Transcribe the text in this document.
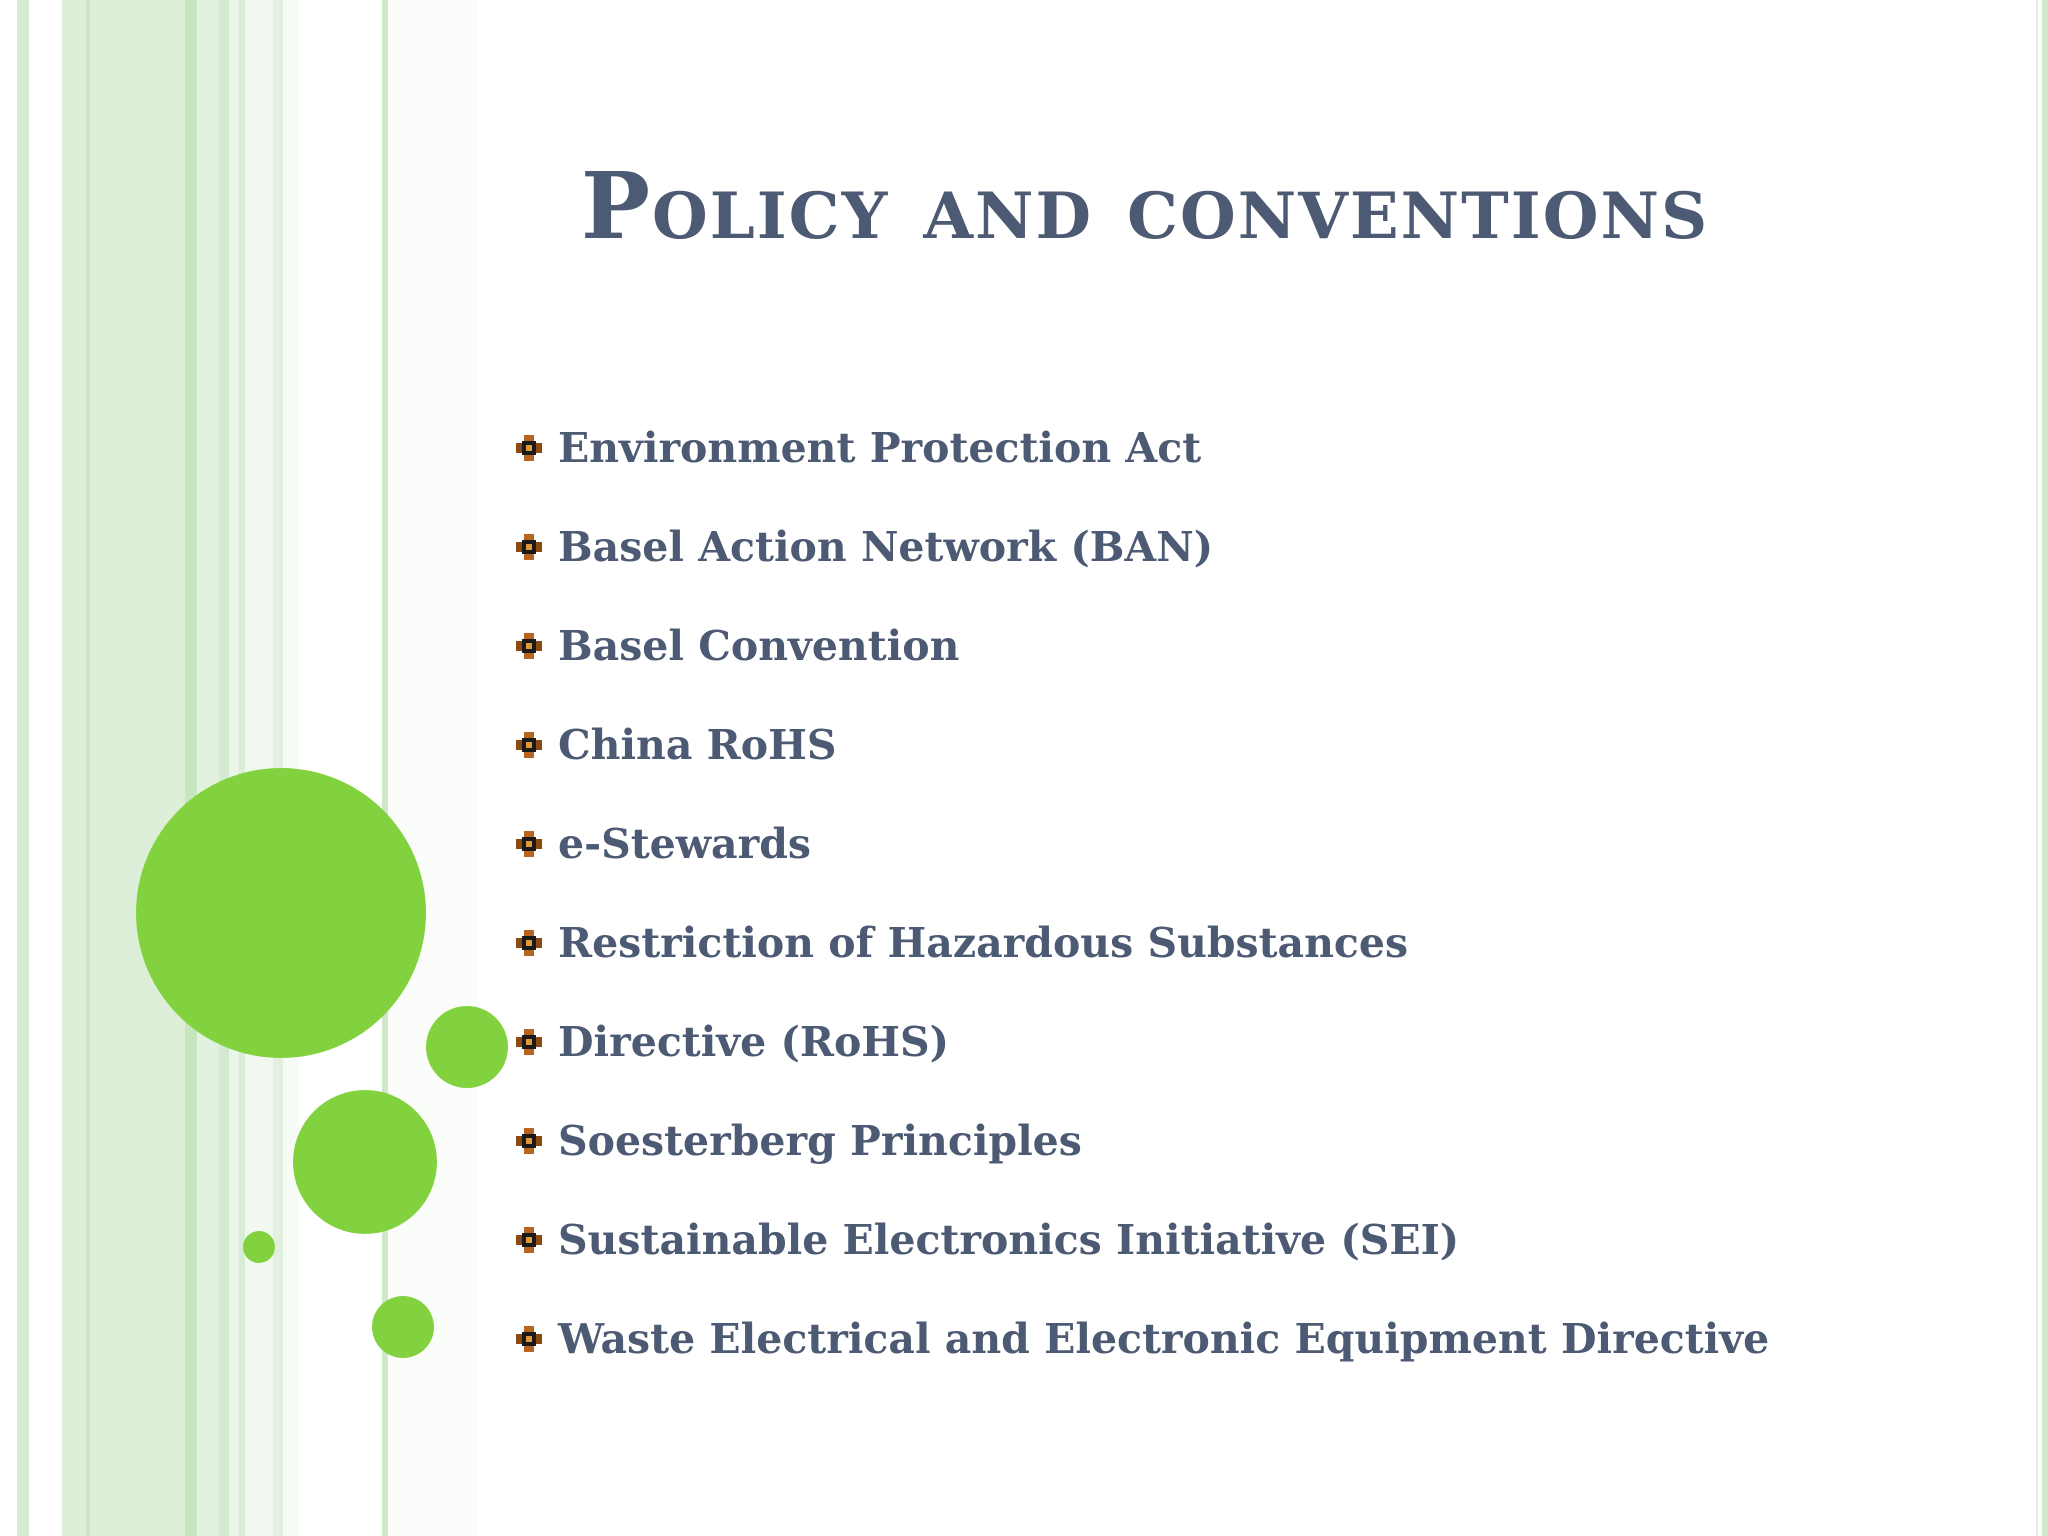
Policy and conventions
Environment Protection Act
Basel Action Network (BAN)
Basel Convention
China RoHS
e-Stewards
Restriction of Hazardous Substances
Directive (RoHS)
Soesterberg Principles
Sustainable Electronics Initiative (SEI)
Waste Electrical and Electronic Equipment Directive
